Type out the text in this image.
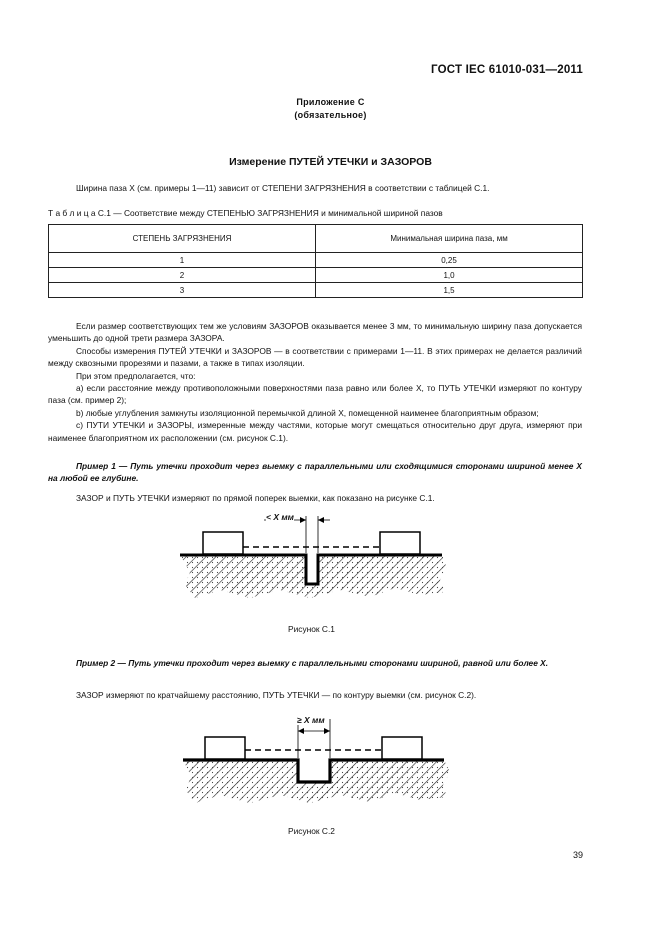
ГОСТ IEC 61010-031—2011
Приложение С
(обязательное)
Измерение ПУТЕЙ УТЕЧКИ и ЗАЗОРОВ
Ширина паза X (см. примеры 1—11) зависит от СТЕПЕНИ ЗАГРЯЗНЕНИЯ в соответствии с таблицей С.1.
Т а б л и ц а С.1 — Соответствие между СТЕПЕНЬЮ ЗАГРЯЗНЕНИЯ и минимальной шириной пазов
СТЕПЕНЬ ЗАГРЯЗНЕНИЯ	Минимальная ширина паза, мм
1	0,25
2	1,0
3	1,5
Если размер соответствующих тем же условиям ЗАЗОРОВ оказывается менее 3 мм, то минимальную ширину паза допускается уменьшить до одной трети размера ЗАЗОРА.
Способы измерения ПУТЕЙ УТЕЧКИ и ЗАЗОРОВ — в соответствии с примерами 1—11. В этих примерах не делается различий между сквозными прорезями и пазами, а также в типах изоляции.
При этом предполагается, что:
a) если расстояние между противоположными поверхностями паза равно или более X, то ПУТЬ УТЕЧКИ измеряют по контуру паза (см. пример 2);
b) любые углубления замкнуты изоляционной перемычкой длиной X, помещенной наименее благоприятным образом;
c) ПУТИ УТЕЧКИ и ЗАЗОРЫ, измеренные между частями, которые могут смещаться относительно друг друга, измеряют при наименее благоприятном их расположении (см. рисунок С.1).
Пример 1 — Путь утечки проходит через выемку с параллельными или сходящимися сторонами шириной менее X на любой ее глубине.
ЗАЗОР и ПУТЬ УТЕЧКИ измеряют по прямой поперек выемки, как показано на рисунке С.1.
< X мм
Рисунок С.1
Пример 2 — Путь утечки проходит через выемку с параллельными сторонами шириной, равной или более X.
ЗАЗОР измеряют по кратчайшему расстоянию, ПУТЬ УТЕЧКИ — по контуру выемки (см. рисунок С.2).
≥ X мм
Рисунок С.2
39
